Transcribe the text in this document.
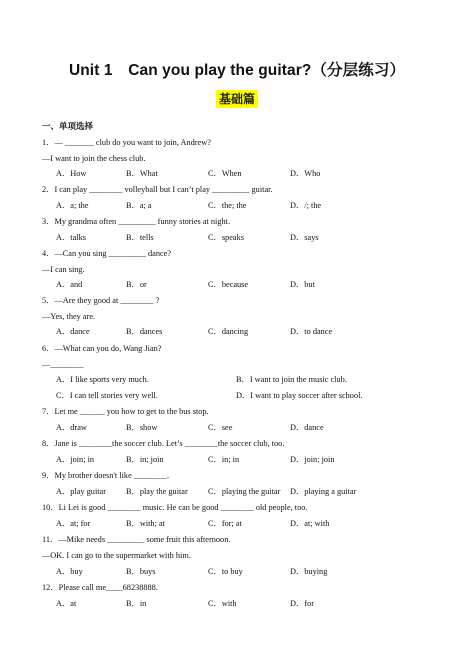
Unit 1　Can you play the guitar?（分层练习）
基础篇
一、单项选择
1．— _______ club do you want to join, Andrew?
—I want to join the chess club.
A．How	B．What	C．When	D．Who
2．I can play ________ volleyball but I can’t play _________ guitar.
A．a; the	B．a; a	C．the; the	D．/; the
3．My grandma often _________ funny stories at night.
A．talks	B．tells	C．speaks	D．says
4．—Can you sing _________ dance?
—I can sing.
A．and	B．or	C．because	D．but
5．—Are they good at ________ ?
—Yes, they are.
A．dance	B．dances	C．dancing	D．to dance
6．—What can you do, Wang Jian?
—________
A．I like sports very much.	B．I want to join the music club.
C．I can tell stories very well.	D．I want to play soccer after school.
7．Let me ______ you how to get to the bus stop.
A．draw	B．show	C．see	D．dance
8．Jane is ________the soccer club. Let’s ________the soccer club, too.
A．join; in	B．in; join	C．in; in	D．join; join
9．My brother doesn't like ________.
A．play guitar B．play the guitar C．playing the guitar D．playing a guitar
10．Li Lei is good ________ music. He can be good ________ old people, too.
A．at; for	B．with; at	C．for; at	D．at; with
11．—Mike needs _________ some fruit this afternoon.
—OK. I can go to the supermarket with him.
A．buy	B．buys	C．to buy	D．buying
12．Please call me____68238888.
A．at	B．in	C．with	D．for
